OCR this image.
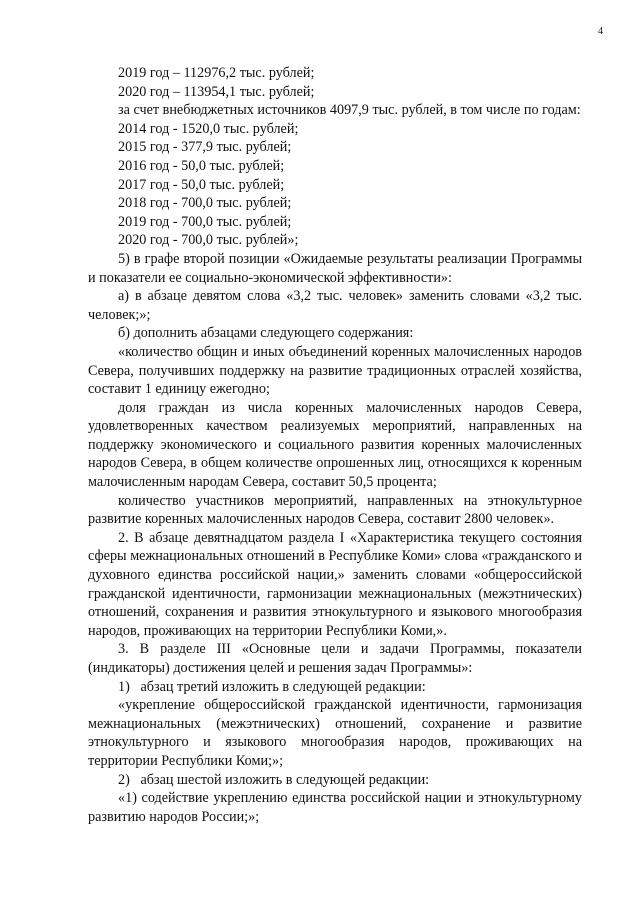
4

2019 год – 112976,2 тыс. рублей;

2020 год – 113954,1 тыс. рублей;

за счет внебюджетных источников 4097,9 тыс. рублей, в том числе по годам:

2014 год - 1520,0 тыс. рублей;

2015 год - 377,9 тыс. рублей;

2016 год - 50,0 тыс. рублей;

2017 год - 50,0 тыс. рублей;

2018 год - 700,0 тыс. рублей;

2019 год - 700,0 тыс. рублей;

2020 год - 700,0 тыс. рублей»;

5) в графе второй позиции «Ожидаемые результаты реализации Программы и показатели ее социально-экономической эффективности»:

а) в абзаце девятом слова «3,2 тыс. человек» заменить словами «3,2 тыс. человек;»;

б) дополнить абзацами следующего содержания:

«количество общин и иных объединений коренных малочисленных народов Севера, получивших поддержку на развитие традиционных отраслей хозяйства, составит 1 единицу ежегодно;

доля граждан из числа коренных малочисленных народов Севера, удовлетворенных качеством реализуемых мероприятий, направленных на поддержку экономического и социального развития коренных малочисленных народов Севера, в общем количестве опрошенных лиц, относящихся к коренным малочисленным народам Севера, составит 50,5 процента;

количество участников мероприятий, направленных на этнокультурное развитие коренных малочисленных народов Севера, составит 2800 человек».

2. В абзаце девятнадцатом раздела I «Характеристика текущего состояния сферы межнациональных отношений в Республике Коми» слова «гражданского и духовного единства российской нации,» заменить словами «общероссийской гражданской идентичности, гармонизации межнациональных (межэтнических) отношений, сохранения и развития этнокультурного и языкового многообразия народов, проживающих на территории Республики Коми,».

3. В разделе III «Основные цели и задачи Программы, показатели (индикаторы) достижения целей и решения задач Программы»:

1)   абзац третий изложить в следующей редакции:

«укрепление общероссийской гражданской идентичности, гармонизация межнациональных (межэтнических) отношений, сохранение и развитие этнокультурного и языкового многообразия народов, проживающих на территории Республики Коми;»;

2)   абзац шестой изложить в следующей редакции:

«1) содействие укреплению единства российской нации и этнокультурному развитию народов России;»;
